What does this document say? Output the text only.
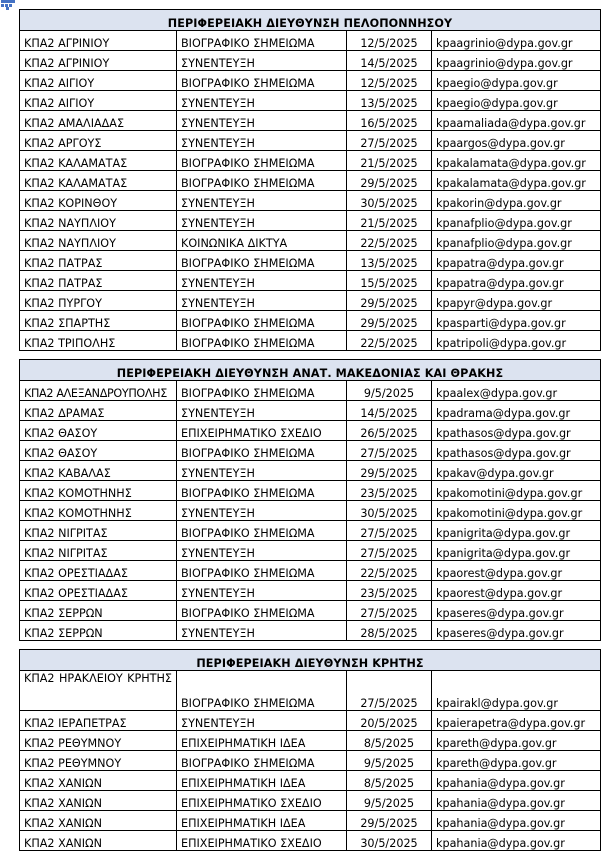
ΠΕΡΙΦΕΡΕΙΑΚΗ ΔΙΕΥΘΥΝΣΗ ΠΕΛΟΠΟΝΝΗΣΟΥ			
ΚΠΑ2 ΑΓΡΙΝΙΟΥ	ΒΙΟΓΡΑΦΙΚΟ ΣΗΜΕΙΩΜΑ	12/5/2025	kpaagrinio@dypa.gov.gr
ΚΠΑ2 ΑΓΡΙΝΙΟΥ	ΣΥΝΕΝΤΕΥΞΗ	14/5/2025	kpaagrinio@dypa.gov.gr
ΚΠΑ2 ΑΙΓΙΟΥ	ΒΙΟΓΡΑΦΙΚΟ ΣΗΜΕΙΩΜΑ	12/5/2025	kpaegio@dypa.gov.gr
ΚΠΑ2 ΑΙΓΙΟΥ	ΣΥΝΕΝΤΕΥΞΗ	13/5/2025	kpaegio@dypa.gov.gr
ΚΠΑ2 ΑΜΑΛΙΑΔΑΣ	ΣΥΝΕΝΤΕΥΞΗ	16/5/2025	kpaamaliada@dypa.gov.gr
ΚΠΑ2 ΑΡΓΟΥΣ	ΣΥΝΕΝΤΕΥΞΗ	27/5/2025	kpaargos@dypa.gov.gr
ΚΠΑ2 ΚΑΛΑΜΑΤΑΣ	ΒΙΟΓΡΑΦΙΚΟ ΣΗΜΕΙΩΜΑ	21/5/2025	kpakalamata@dypa.gov.gr
ΚΠΑ2 ΚΑΛΑΜΑΤΑΣ	ΒΙΟΓΡΑΦΙΚΟ ΣΗΜΕΙΩΜΑ	29/5/2025	kpakalamata@dypa.gov.gr
ΚΠΑ2 ΚΟΡΙΝΘΟΥ	ΣΥΝΕΝΤΕΥΞΗ	30/5/2025	kpakorin@dypa.gov.gr
ΚΠΑ2 ΝΑΥΠΛΙΟΥ	ΣΥΝΕΝΤΕΥΞΗ	21/5/2025	kpanafplio@dypa.gov.gr
ΚΠΑ2 ΝΑΥΠΛΙΟΥ	ΚΟΙΝΩΝΙΚΑ ΔΙΚΤΥΑ	22/5/2025	kpanafplio@dypa.gov.gr
ΚΠΑ2 ΠΑΤΡΑΣ	ΒΙΟΓΡΑΦΙΚΟ ΣΗΜΕΙΩΜΑ	13/5/2025	kpapatra@dypa.gov.gr
ΚΠΑ2 ΠΑΤΡΑΣ	ΣΥΝΕΝΤΕΥΞΗ	15/5/2025	kpapatra@dypa.gov.gr
ΚΠΑ2 ΠΥΡΓΟΥ	ΣΥΝΕΝΤΕΥΞΗ	29/5/2025	kpapyr@dypa.gov.gr
ΚΠΑ2 ΣΠΑΡΤΗΣ	ΒΙΟΓΡΑΦΙΚΟ ΣΗΜΕΙΩΜΑ	29/5/2025	kpasparti@dypa.gov.gr
ΚΠΑ2 ΤΡΙΠΟΛΗΣ	ΒΙΟΓΡΑΦΙΚΟ ΣΗΜΕΙΩΜΑ	22/5/2025	kpatripoli@dypa.gov.gr

ΠΕΡΙΦΕΡΕΙΑΚΗ ΔΙΕΥΘΥΝΣΗ ΑΝΑΤ. ΜΑΚΕΔΟΝΙΑΣ ΚΑΙ ΘΡΑΚΗΣ			
ΚΠΑ2 ΑΛΕΞΑΝΔΡΟΥΠΟΛΗΣ	ΒΙΟΓΡΑΦΙΚΟ ΣΗΜΕΙΩΜΑ	9/5/2025	kpaalex@dypa.gov.gr
ΚΠΑ2 ΔΡΑΜΑΣ	ΣΥΝΕΝΤΕΥΞΗ	14/5/2025	kpadrama@dypa.gov.gr
ΚΠΑ2 ΘΑΣΟΥ	ΕΠΙΧΕΙΡΗΜΑΤΙΚΟ ΣΧΕΔΙΟ	26/5/2025	kpathasos@dypa.gov.gr
ΚΠΑ2 ΘΑΣΟΥ	ΒΙΟΓΡΑΦΙΚΟ ΣΗΜΕΙΩΜΑ	27/5/2025	kpathasos@dypa.gov.gr
ΚΠΑ2 ΚΑΒΑΛΑΣ	ΣΥΝΕΝΤΕΥΞΗ	29/5/2025	kpakav@dypa.gov.gr
ΚΠΑ2 ΚΟΜΟΤΗΝΗΣ	ΒΙΟΓΡΑΦΙΚΟ ΣΗΜΕΙΩΜΑ	23/5/2025	kpakomotini@dypa.gov.gr
ΚΠΑ2 ΚΟΜΟΤΗΝΗΣ	ΣΥΝΕΝΤΕΥΞΗ	30/5/2025	kpakomotini@dypa.gov.gr
ΚΠΑ2 ΝΙΓΡΙΤΑΣ	ΒΙΟΓΡΑΦΙΚΟ ΣΗΜΕΙΩΜΑ	27/5/2025	kpanigrita@dypa.gov.gr
ΚΠΑ2 ΝΙΓΡΙΤΑΣ	ΣΥΝΕΝΤΕΥΞΗ	27/5/2025	kpanigrita@dypa.gov.gr
ΚΠΑ2 ΟΡΕΣΤΙΑΔΑΣ	ΒΙΟΓΡΑΦΙΚΟ ΣΗΜΕΙΩΜΑ	22/5/2025	kpaorest@dypa.gov.gr
ΚΠΑ2 ΟΡΕΣΤΙΑΔΑΣ	ΣΥΝΕΝΤΕΥΞΗ	23/5/2025	kpaorest@dypa.gov.gr
ΚΠΑ2 ΣΕΡΡΩΝ	ΒΙΟΓΡΑΦΙΚΟ ΣΗΜΕΙΩΜΑ	27/5/2025	kpaseres@dypa.gov.gr
ΚΠΑ2 ΣΕΡΡΩΝ	ΣΥΝΕΝΤΕΥΞΗ	28/5/2025	kpaseres@dypa.gov.gr

ΠΕΡΙΦΕΡΕΙΑΚΗ ΔΙΕΥΘΥΝΣΗ ΚΡΗΤΗΣ			
ΚΠΑ2 ΗΡΑΚΛΕΙΟΥ ΚΡΗΤΗΣ	ΒΙΟΓΡΑΦΙΚΟ ΣΗΜΕΙΩΜΑ	27/5/2025	kpairakl@dypa.gov.gr
ΚΠΑ2 ΙΕΡΑΠΕΤΡΑΣ	ΣΥΝΕΝΤΕΥΞΗ	20/5/2025	kpaierapetra@dypa.gov.gr
ΚΠΑ2 ΡΕΘΥΜΝΟΥ	ΕΠΙΧΕΙΡΗΜΑΤΙΚΗ ΙΔΕΑ	8/5/2025	kpareth@dypa.gov.gr
ΚΠΑ2 ΡΕΘΥΜΝΟΥ	ΒΙΟΓΡΑΦΙΚΟ ΣΗΜΕΙΩΜΑ	9/5/2025	kpareth@dypa.gov.gr
ΚΠΑ2 ΧΑΝΙΩΝ	ΕΠΙΧΕΙΡΗΜΑΤΙΚΗ ΙΔΕΑ	8/5/2025	kpahania@dypa.gov.gr
ΚΠΑ2 ΧΑΝΙΩΝ	ΕΠΙΧΕΙΡΗΜΑΤΙΚΟ ΣΧΕΔΙΟ	9/5/2025	kpahania@dypa.gov.gr
ΚΠΑ2 ΧΑΝΙΩΝ	ΕΠΙΧΕΙΡΗΜΑΤΙΚΗ ΙΔΕΑ	29/5/2025	kpahania@dypa.gov.gr
ΚΠΑ2 ΧΑΝΙΩΝ	ΕΠΙΧΕΙΡΗΜΑΤΙΚΟ ΣΧΕΔΙΟ	30/5/2025	kpahania@dypa.gov.gr
